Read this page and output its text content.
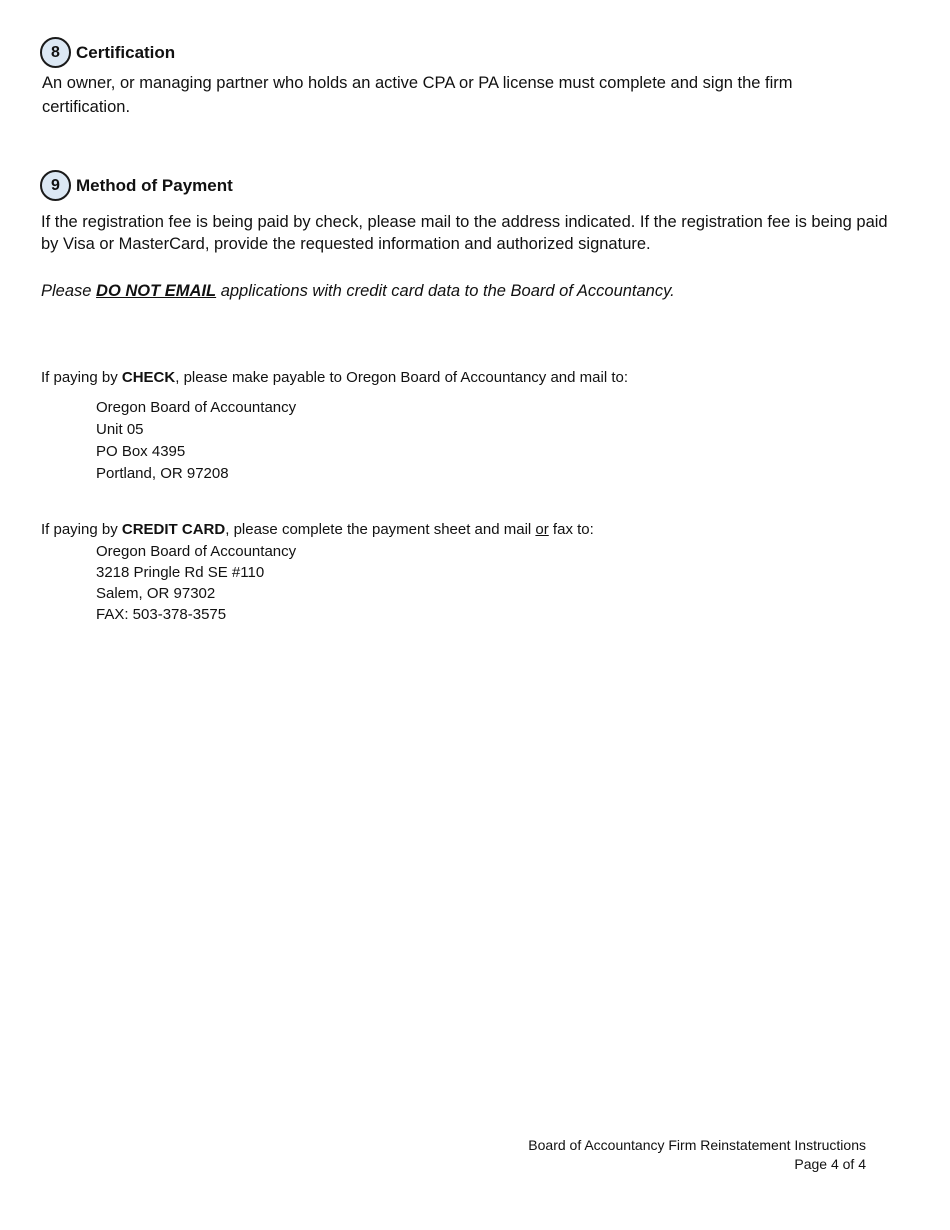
8 Certification
An owner, or managing partner who holds an active CPA or PA license must complete and sign the firm certification.
9 Method of Payment
If the registration fee is being paid by check, please mail to the address indicated. If the registration fee is being paid by Visa or MasterCard, provide the requested information and authorized signature.
Please DO NOT EMAIL applications with credit card data to the Board of Accountancy.
If paying by CHECK, please make payable to Oregon Board of Accountancy and mail to:
Oregon Board of Accountancy
Unit 05
PO Box 4395
Portland, OR 97208
If paying by CREDIT CARD, please complete the payment sheet and mail or fax to:
Oregon Board of Accountancy
3218 Pringle Rd SE #110
Salem, OR 97302
FAX: 503-378-3575
Board of Accountancy Firm Reinstatement Instructions
Page 4 of 4
